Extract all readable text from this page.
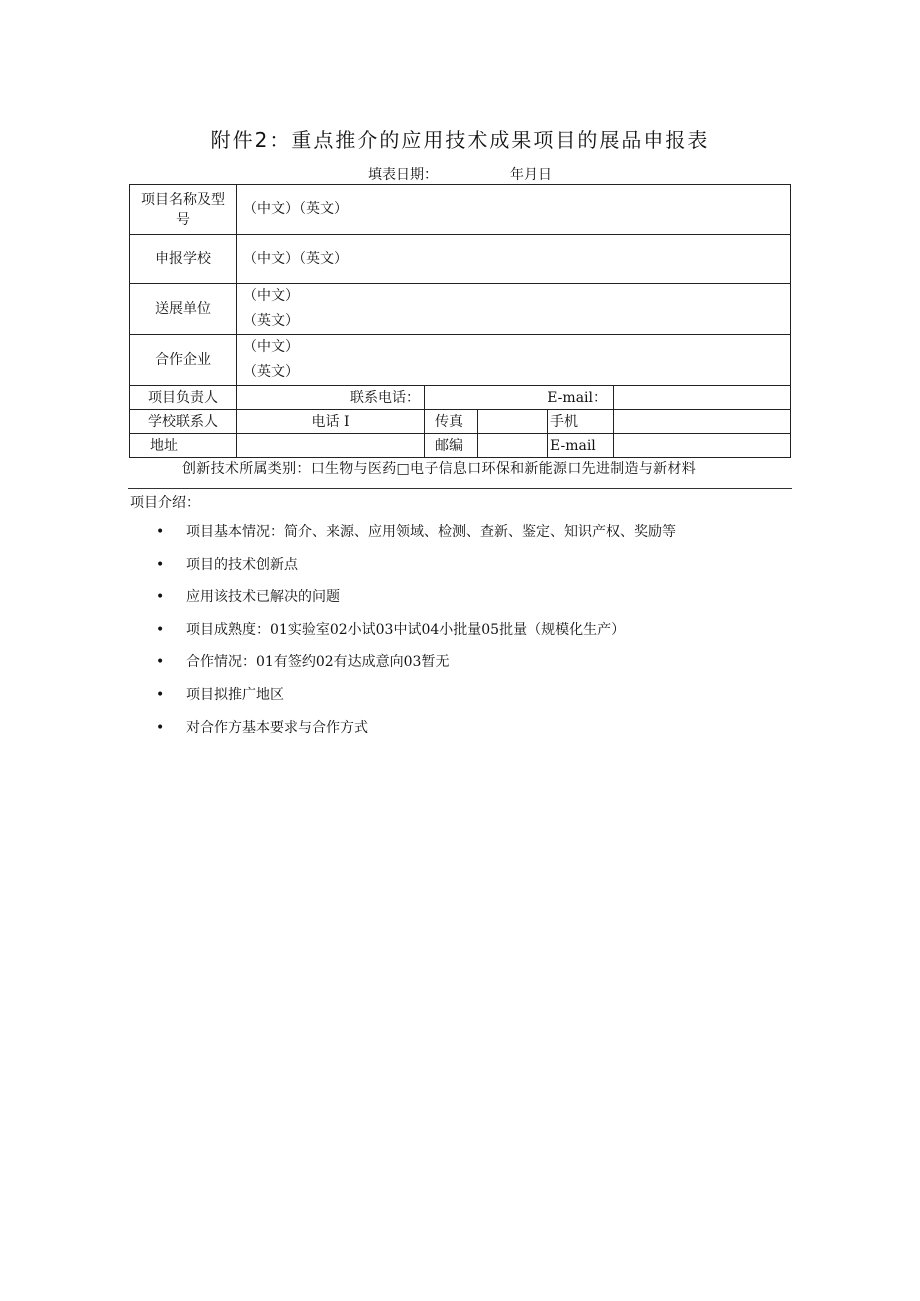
附件2：重点推介的应用技术成果项目的展品申报表
填表日期：	年月日
项目名称及型号	（中文）（英文）				

申报学校	（中文）（英文）				

送展单位	（中文）
（英文）				

合作企业	（中文）
（英文）				

项目负责人	联系电话：	E-mail：			
学校联系人	电话 I	传真		手机	
地址		邮编		E-mail	
创新技术所属类别：口生物与医药□电子信息口环保和新能源口先进制造与新材料
项目介绍：
•	项目基本情况：简介、来源、应用领域、检测、查新、鉴定、知识产权、奖励等
•	项目的技术创新点
•	应用该技术已解决的问题
•	项目成熟度：01实验室02小试03中试04小批量05批量（规模化生产）
•	合作情况：01有签约02有达成意向03暂无
•	项目拟推广地区
•	对合作方基本要求与合作方式
